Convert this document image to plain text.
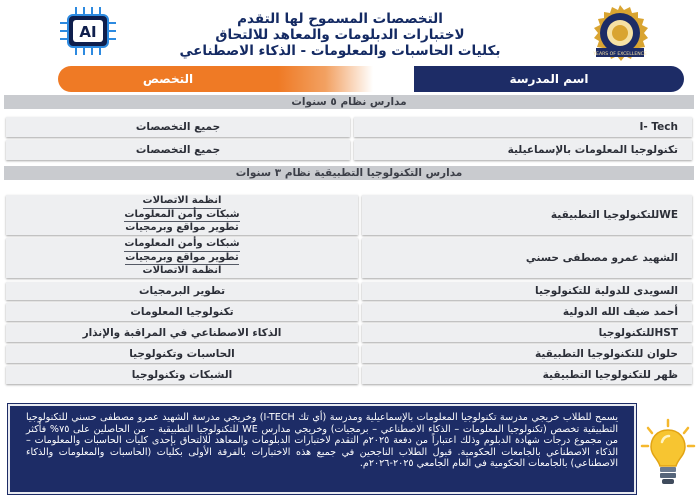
AI
التخصصات المسموح لها التقدم
لاختبارات الدبلومات والمعاهد للالتحاق
بكليات الحاسبات والمعلومات - الذكاء الاصطناعي	YEARS OF EXCELLENCE
اسم المدرسة
التخصص
مدارس نظام ٥ سنوات
I- Tech
جميع التخصصات
تكنولوجيا المعلومات بالإسماعيلية
جميع التخصصات
مدارس التكنولوجيا التطبيقية نظام ٣ سنوات
WEللتكنولوجيا التطبيقية
انظمة الاتصالات
شبكات وأمن المعلومات
تطوير مواقع وبرمجيات
الشهيد عمرو مصطفى حسني
شبكات وأمن المعلومات
تطوير مواقع وبرمجيات
انظمة الاتصالات
السويدى للدولية للتكنولوجيا
تطوير البرمجيات
أحمد ضيف الله الدولية
تكنولوجيا المعلومات
HSTللتكنولوجيا
الذكاء الاصطناعي في المراقبة والإنذار
حلوان للتكنولوجيا التطبيقية
الحاسبات وتكنولوجيا
ظهر للتكنولوجيا التطبيقية
الشبكات وتكنولوجيا
يسمح للطلاب خريجي مدرسة تكنولوجيا المعلومات بالإسماعيلية ومدرسة (أي تك I-TECH) وخريجي مدرسة الشهيد عمرو مصطفى حسني للتكنولوجيا التطبيقية تخصص (تكنولوجيا المعلومات – الذكاء الاصطناعي – برمجيات) وخريجي مدارس WE للتكنولوجيا التطبيقية – من الحاصلين على ٧٥% فأكثر من مجموع درجات شهادة الدبلوم وذلك اعتباراً من دفعة ٢٠٢٥م التقدم لاختبارات الدبلومات والمعاهد للالتحاق بإحدى كليات الحاسبات والمعلومات – الذكاء الاصطناعي بالجامعات الحكومية. قبول الطلاب الناجحين في جميع هذه الاختبارات بالفرقة الأولى بكليات (الحاسبات والمعلومات والذكاء الاصطناعي) بالجامعات الحكومية في العام الجامعي ٢٠٢٥-٢٠٢٦م.
